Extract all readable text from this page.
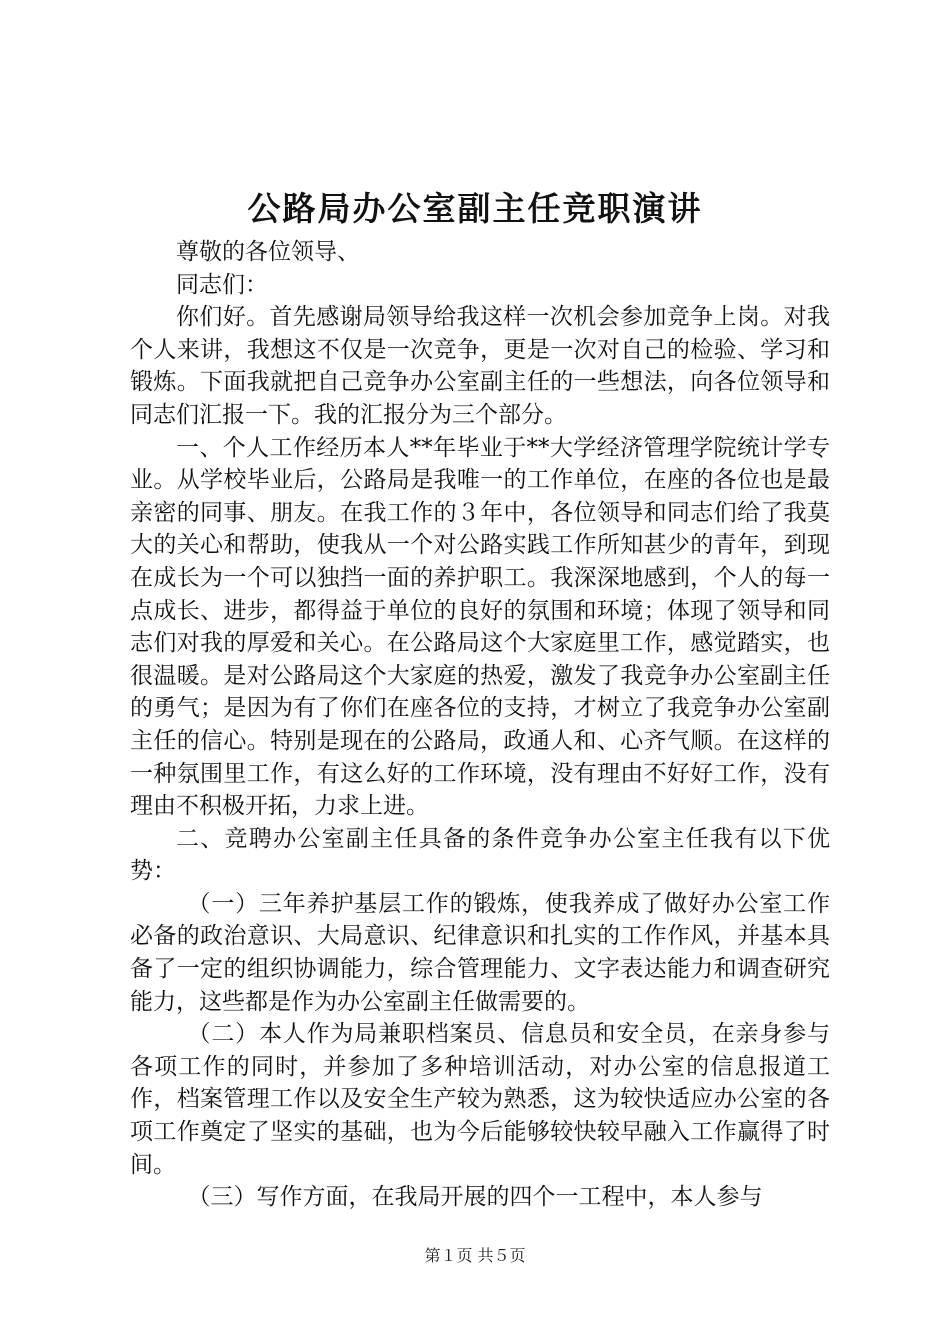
公路局办公室副主任竞职演讲

尊敬的各位领导、

同志们：

你们好。首先感谢局领导给我这样一次机会参加竞争上岗。对我个人来讲，我想这不仅是一次竞争，更是一次对自己的检验、学习和锻炼。下面我就把自己竞争办公室副主任的一些想法，向各位领导和同志们汇报一下。我的汇报分为三个部分。

一、个人工作经历本人**年毕业于**大学经济管理学院统计学专业。从学校毕业后，公路局是我唯一的工作单位，在座的各位也是最亲密的同事、朋友。在我工作的３年中，各位领导和同志们给了我莫大的关心和帮助，使我从一个对公路实践工作所知甚少的青年，到现在成长为一个可以独挡一面的养护职工。我深深地感到，个人的每一点成长、进步，都得益于单位的良好的氛围和环境；体现了领导和同志们对我的厚爱和关心。在公路局这个大家庭里工作，感觉踏实，也很温暖。是对公路局这个大家庭的热爱，激发了我竞争办公室副主任的勇气；是因为有了你们在座各位的支持，才树立了我竞争办公室副主任的信心。特别是现在的公路局，政通人和、心齐气顺。在这样的一种氛围里工作，有这么好的工作环境，没有理由不好好工作，没有理由不积极开拓，力求上进。

二、竞聘办公室副主任具备的条件竞争办公室主任我有以下优势：

（一）三年养护基层工作的锻炼，使我养成了做好办公室工作必备的政治意识、大局意识、纪律意识和扎实的工作作风，并基本具备了一定的组织协调能力，综合管理能力、文字表达能力和调查研究能力，这些都是作为办公室副主任做需要的。

（二）本人作为局兼职档案员、信息员和安全员，在亲身参与各项工作的同时，并参加了多种培训活动，对办公室的信息报道工作，档案管理工作以及安全生产较为熟悉，这为较快适应办公室的各项工作奠定了坚实的基础，也为今后能够较快较早融入工作赢得了时间。

（三）写作方面，在我局开展的四个一工程中，本人参与

第１页 共５页
